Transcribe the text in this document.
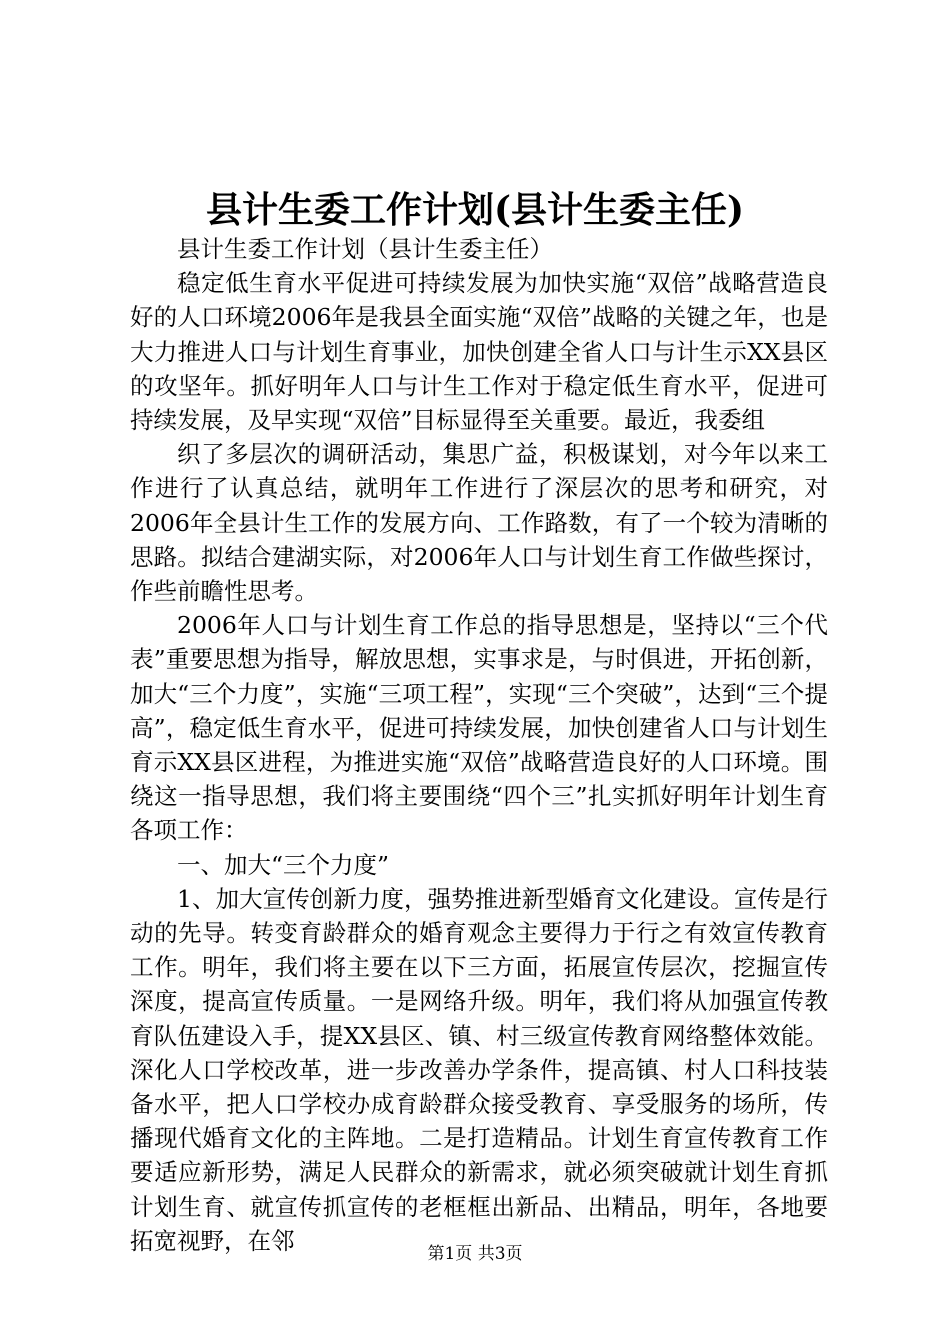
县计生委工作计划(县计生委主任)

县计生委工作计划（县计生委主任）

稳定低生育水平促进可持续发展为加快实施“双倍”战略营造良好的人口环境2006年是我县全面实施“双倍”战略的关键之年，也是大力推进人口与计划生育事业，加快创建全省人口与计生示XX县区的攻坚年。抓好明年人口与计生工作对于稳定低生育水平，促进可持续发展，及早实现“双倍”目标显得至关重要。最近，我委组

织了多层次的调研活动，集思广益，积极谋划，对今年以来工作进行了认真总结，就明年工作进行了深层次的思考和研究，对2006年全县计生工作的发展方向、工作路数，有了一个较为清晰的思路。拟结合建湖实际，对2006年人口与计划生育工作做些探讨，作些前瞻性思考。

2006年人口与计划生育工作总的指导思想是，坚持以“三个代表”重要思想为指导，解放思想，实事求是，与时俱进，开拓创新，加大“三个力度”，实施“三项工程”，实现“三个突破”，达到“三个提高”，稳定低生育水平，促进可持续发展，加快创建省人口与计划生育示XX县区进程，为推进实施“双倍”战略营造良好的人口环境。围绕这一指导思想，我们将主要围绕“四个三”扎实抓好明年计划生育各项工作：

一、加大“三个力度”

1、加大宣传创新力度，强势推进新型婚育文化建设。宣传是行动的先导。转变育龄群众的婚育观念主要得力于行之有效宣传教育工作。明年，我们将主要在以下三方面，拓展宣传层次，挖掘宣传深度，提高宣传质量。一是网络升级。明年，我们将从加强宣传教育队伍建设入手，提XX县区、镇、村三级宣传教育网络整体效能。深化人口学校改革，进一步改善办学条件，提高镇、村人口科技装备水平，把人口学校办成育龄群众接受教育、享受服务的场所，传播现代婚育文化的主阵地。二是打造精品。计划生育宣传教育工作要适应新形势，满足人民群众的新需求，就必须突破就计划生育抓计划生育、就宣传抓宣传的老框框出新品、出精品，明年，各地要拓宽视野，在邻	第1页 共3页
